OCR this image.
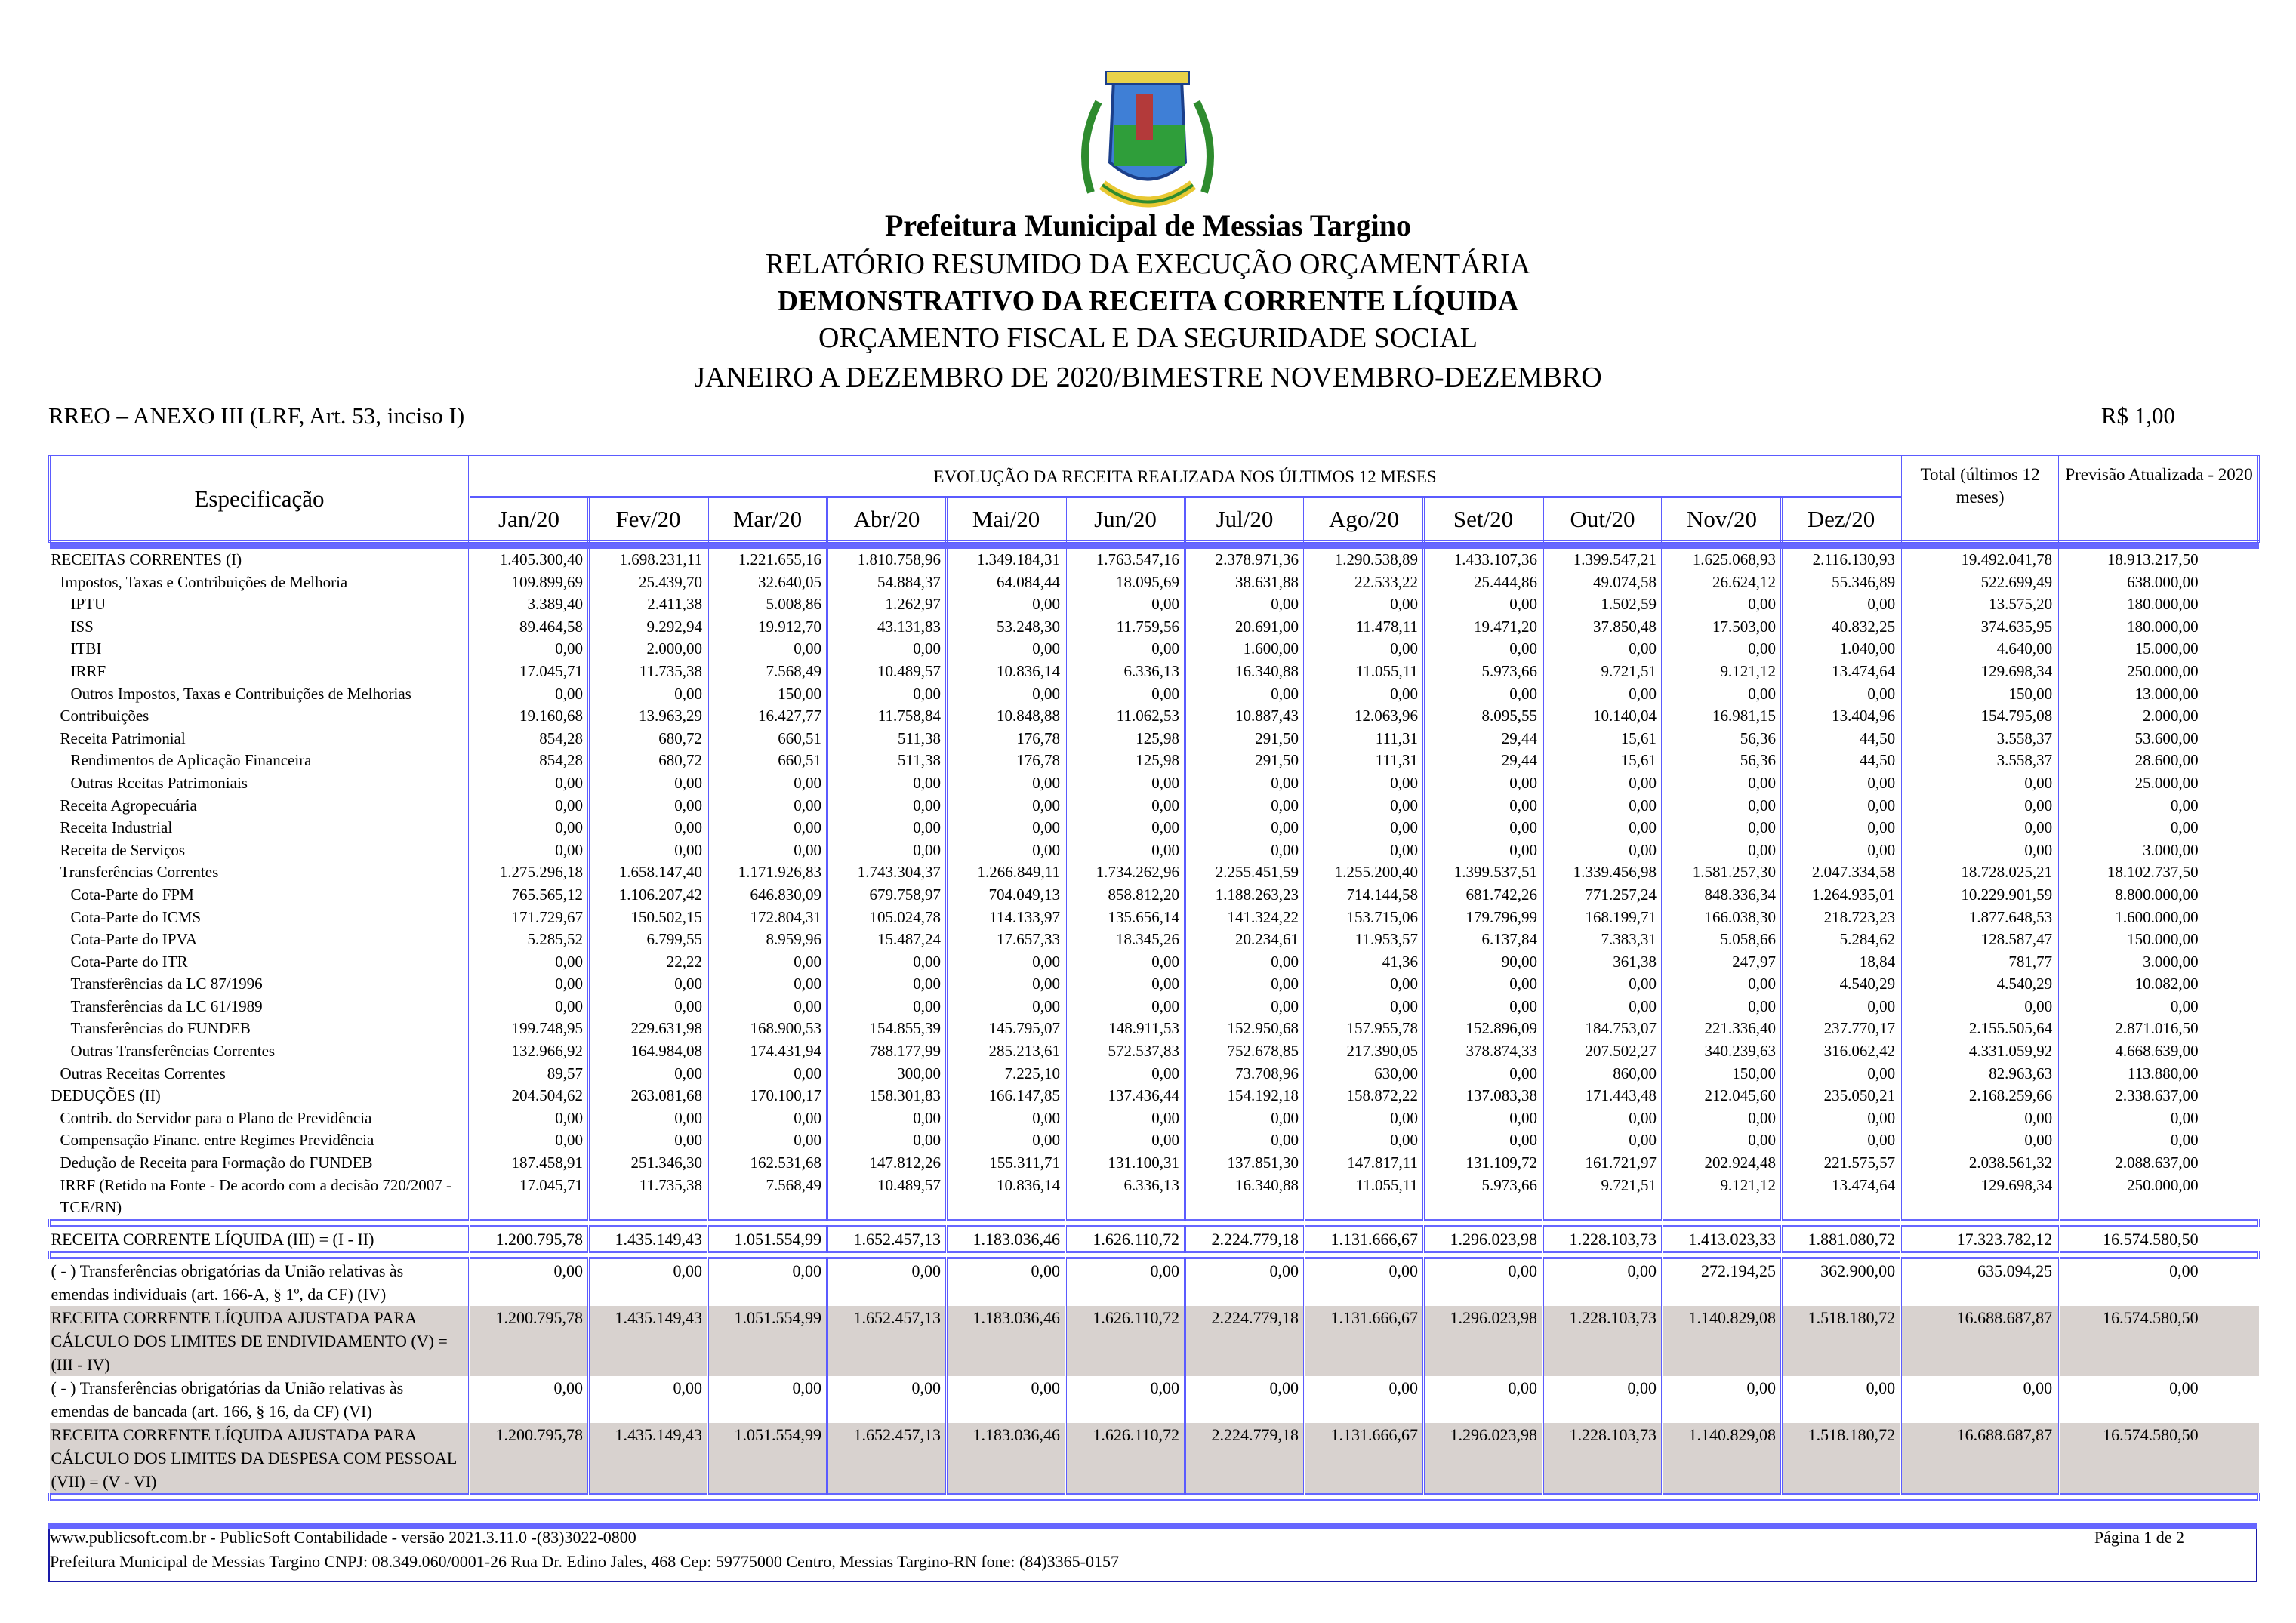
Prefeitura Municipal de Messias Targino
RELATÓRIO RESUMIDO DA EXECUÇÃO ORÇAMENTÁRIA
DEMONSTRATIVO DA RECEITA CORRENTE LÍQUIDA
ORÇAMENTO FISCAL E DA SEGURIDADE SOCIAL
JANEIRO A DEZEMBRO DE 2020/BIMESTRE NOVEMBRO-DEZEMBRO
RREO – ANEXO III (LRF, Art. 53, inciso I)	R$ 1,00
Especificação	EVOLUÇÃO DA RECEITA REALIZADA NOS ÚLTIMOS 12 MESES												Total (últimos 12 meses)	Previsão Atualizada - 2020
	Jan/20	Fev/20	Mar/20	Abr/20	Mai/20	Jun/20	Jul/20	Ago/20	Set/20	Out/20	Nov/20	Dez/20		

RECEITAS CORRENTES (I)	1.405.300,40	1.698.231,11	1.221.655,16	1.810.758,96	1.349.184,31	1.763.547,16	2.378.971,36	1.290.538,89	1.433.107,36	1.399.547,21	1.625.068,93	2.116.130,93	19.492.041,78	18.913.217,50
Impostos, Taxas e Contribuições de Melhoria	109.899,69	25.439,70	32.640,05	54.884,37	64.084,44	18.095,69	38.631,88	22.533,22	25.444,86	49.074,58	26.624,12	55.346,89	522.699,49	638.000,00
IPTU	3.389,40	2.411,38	5.008,86	1.262,97	0,00	0,00	0,00	0,00	0,00	1.502,59	0,00	0,00	13.575,20	180.000,00
ISS	89.464,58	9.292,94	19.912,70	43.131,83	53.248,30	11.759,56	20.691,00	11.478,11	19.471,20	37.850,48	17.503,00	40.832,25	374.635,95	180.000,00
ITBI	0,00	2.000,00	0,00	0,00	0,00	0,00	1.600,00	0,00	0,00	0,00	0,00	1.040,00	4.640,00	15.000,00
IRRF	17.045,71	11.735,38	7.568,49	10.489,57	10.836,14	6.336,13	16.340,88	11.055,11	5.973,66	9.721,51	9.121,12	13.474,64	129.698,34	250.000,00
Outros Impostos, Taxas e Contribuições de Melhorias	0,00	0,00	150,00	0,00	0,00	0,00	0,00	0,00	0,00	0,00	0,00	0,00	150,00	13.000,00
Contribuições	19.160,68	13.963,29	16.427,77	11.758,84	10.848,88	11.062,53	10.887,43	12.063,96	8.095,55	10.140,04	16.981,15	13.404,96	154.795,08	2.000,00
Receita Patrimonial	854,28	680,72	660,51	511,38	176,78	125,98	291,50	111,31	29,44	15,61	56,36	44,50	3.558,37	53.600,00
Rendimentos de Aplicação Financeira	854,28	680,72	660,51	511,38	176,78	125,98	291,50	111,31	29,44	15,61	56,36	44,50	3.558,37	28.600,00
Outras Rceitas Patrimoniais	0,00	0,00	0,00	0,00	0,00	0,00	0,00	0,00	0,00	0,00	0,00	0,00	0,00	25.000,00
Receita Agropecuária	0,00	0,00	0,00	0,00	0,00	0,00	0,00	0,00	0,00	0,00	0,00	0,00	0,00	0,00
Receita Industrial	0,00	0,00	0,00	0,00	0,00	0,00	0,00	0,00	0,00	0,00	0,00	0,00	0,00	0,00
Receita de Serviços	0,00	0,00	0,00	0,00	0,00	0,00	0,00	0,00	0,00	0,00	0,00	0,00	0,00	3.000,00
Transferências Correntes	1.275.296,18	1.658.147,40	1.171.926,83	1.743.304,37	1.266.849,11	1.734.262,96	2.255.451,59	1.255.200,40	1.399.537,51	1.339.456,98	1.581.257,30	2.047.334,58	18.728.025,21	18.102.737,50
Cota-Parte do FPM	765.565,12	1.106.207,42	646.830,09	679.758,97	704.049,13	858.812,20	1.188.263,23	714.144,58	681.742,26	771.257,24	848.336,34	1.264.935,01	10.229.901,59	8.800.000,00
Cota-Parte do ICMS	171.729,67	150.502,15	172.804,31	105.024,78	114.133,97	135.656,14	141.324,22	153.715,06	179.796,99	168.199,71	166.038,30	218.723,23	1.877.648,53	1.600.000,00
Cota-Parte do IPVA	5.285,52	6.799,55	8.959,96	15.487,24	17.657,33	18.345,26	20.234,61	11.953,57	6.137,84	7.383,31	5.058,66	5.284,62	128.587,47	150.000,00
Cota-Parte do ITR	0,00	22,22	0,00	0,00	0,00	0,00	0,00	41,36	90,00	361,38	247,97	18,84	781,77	3.000,00
Transferências da LC 87/1996	0,00	0,00	0,00	0,00	0,00	0,00	0,00	0,00	0,00	0,00	0,00	4.540,29	4.540,29	10.082,00
Transferências da LC 61/1989	0,00	0,00	0,00	0,00	0,00	0,00	0,00	0,00	0,00	0,00	0,00	0,00	0,00	0,00
Transferências do FUNDEB	199.748,95	229.631,98	168.900,53	154.855,39	145.795,07	148.911,53	152.950,68	157.955,78	152.896,09	184.753,07	221.336,40	237.770,17	2.155.505,64	2.871.016,50
Outras Transferências Correntes	132.966,92	164.984,08	174.431,94	788.177,99	285.213,61	572.537,83	752.678,85	217.390,05	378.874,33	207.502,27	340.239,63	316.062,42	4.331.059,92	4.668.639,00
Outras Receitas Correntes	89,57	0,00	0,00	300,00	7.225,10	0,00	73.708,96	630,00	0,00	860,00	150,00	0,00	82.963,63	113.880,00
DEDUÇÕES (II)	204.504,62	263.081,68	170.100,17	158.301,83	166.147,85	137.436,44	154.192,18	158.872,22	137.083,38	171.443,48	212.045,60	235.050,21	2.168.259,66	2.338.637,00
Contrib. do Servidor para o Plano de Previdência	0,00	0,00	0,00	0,00	0,00	0,00	0,00	0,00	0,00	0,00	0,00	0,00	0,00	0,00
Compensação Financ. entre Regimes Previdência	0,00	0,00	0,00	0,00	0,00	0,00	0,00	0,00	0,00	0,00	0,00	0,00	0,00	0,00
Dedução de Receita para Formação do FUNDEB	187.458,91	251.346,30	162.531,68	147.812,26	155.311,71	131.100,31	137.851,30	147.817,11	131.109,72	161.721,97	202.924,48	221.575,57	2.038.561,32	2.088.637,00
IRRF (Retido na Fonte - De acordo com a decisão 720/2007 - TCE/RN)	17.045,71	11.735,38	7.568,49	10.489,57	10.836,14	6.336,13	16.340,88	11.055,11	5.973,66	9.721,51	9.121,12	13.474,64	129.698,34	250.000,00

RECEITA CORRENTE LÍQUIDA (III) = (I - II)	1.200.795,78	1.435.149,43	1.051.554,99	1.652.457,13	1.183.036,46	1.626.110,72	2.224.779,18	1.131.666,67	1.296.023,98	1.228.103,73	1.413.023,33	1.881.080,72	17.323.782,12	16.574.580,50

( - ) Transferências obrigatórias da União relativas às emendas individuais (art. 166-A, § 1º, da CF) (IV)	0,00	0,00	0,00	0,00	0,00	0,00	0,00	0,00	0,00	0,00	272.194,25	362.900,00	635.094,25	0,00
RECEITA CORRENTE LÍQUIDA AJUSTADA PARA CÁLCULO DOS LIMITES DE ENDIVIDAMENTO (V) = (III - IV)	1.200.795,78	1.435.149,43	1.051.554,99	1.652.457,13	1.183.036,46	1.626.110,72	2.224.779,18	1.131.666,67	1.296.023,98	1.228.103,73	1.140.829,08	1.518.180,72	16.688.687,87	16.574.580,50
( - ) Transferências obrigatórias da União relativas às emendas de bancada (art. 166, § 16, da CF) (VI)	0,00	0,00	0,00	0,00	0,00	0,00	0,00	0,00	0,00	0,00	0,00	0,00	0,00	0,00
RECEITA CORRENTE LÍQUIDA AJUSTADA PARA CÁLCULO DOS LIMITES DA DESPESA COM PESSOAL (VII) = (V - VI)	1.200.795,78	1.435.149,43	1.051.554,99	1.652.457,13	1.183.036,46	1.626.110,72	2.224.779,18	1.131.666,67	1.296.023,98	1.228.103,73	1.140.829,08	1.518.180,72	16.688.687,87	16.574.580,50

www.publicsoft.com.br - PublicSoft Contabilidade - versão 2021.3.11.0 -(83)3022-0800
Prefeitura Municipal de Messias Targino CNPJ: 08.349.060/0001-26 Rua Dr. Edino Jales, 468 Cep: 59775000 Centro, Messias Targino-RN fone: (84)3365-0157
Página 1 de 2
